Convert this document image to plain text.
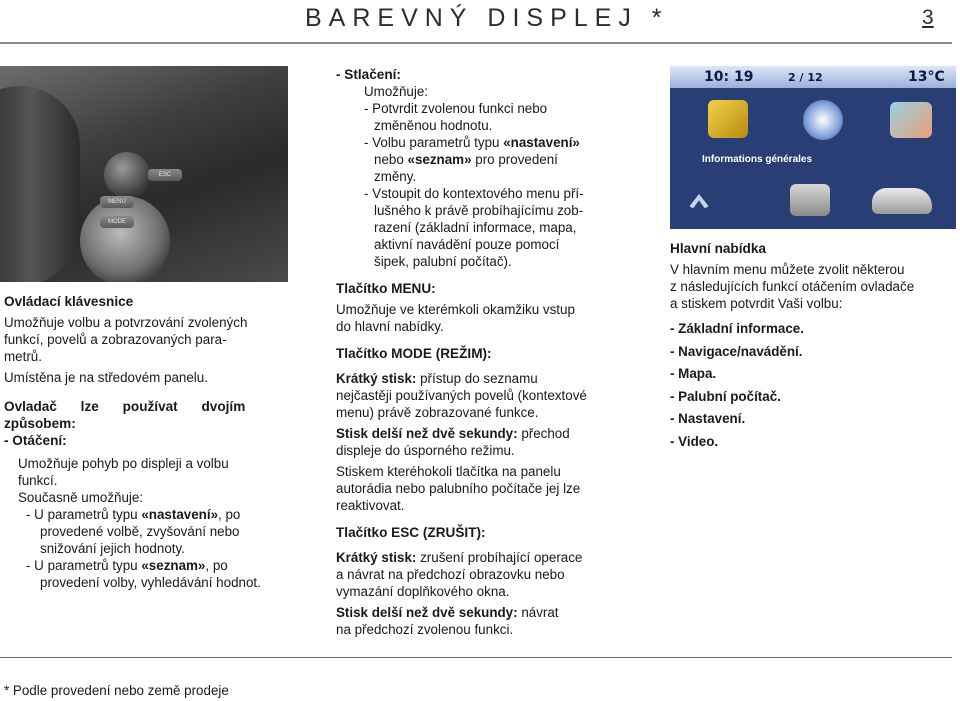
BAREVNÝ DISPLEJ *	3
ESC
MENU
MODE

Ovládací klávesnice

Umožňuje volbu a potvrzování zvolených

funkcí, povelů a zobrazovaných para-

metrů.

Umístěna je na středovém panelu.

Ovladač lze používat dvojím

způsobem:

- Otáčení:

Umožňuje pohyb po displeji a volbu

funkcí.

Současně umožňuje:

- U parametrů typu «nastavení», po

provedené volbě, zvyšování nebo

snižování jejich hodnoty.

- U parametrů typu «seznam», po

provedení volby, vyhledávání hodnot.

- Stlačení:

Umožňuje:

- Potvrdit zvolenou funkci nebo

změněnou hodnotu.

- Volbu parametrů typu «nastavení»

nebo «seznam» pro provedení

změny.

- Vstoupit do kontextového menu pří-

lušného k právě probíhajícímu zob-

razení (základní informace, mapa,

aktivní navádění pouze pomocí

šipek, palubní počítač).

Tlačítko MENU:

Umožňuje ve kterémkoli okamžiku vstup

do hlavní nabídky.

Tlačítko MODE (REŽIM):

Krátký stisk: přístup do seznamu

nejčastěji používaných povelů (kontextové

menu) právě zobrazované funkce.

Stisk delší než dvě sekundy: přechod

displeje do úsporného režimu.

Stiskem kteréhokoli tlačítka na panelu

autorádia nebo palubního počítače jej lze

reaktivovat.

Tlačítko ESC (ZRUŠIT):

Krátký stisk: zrušení probíhající operace

a návrat na předchozí obrazovku nebo

vymazání doplňkového okna.

Stisk delší než dvě sekundy: návrat

na předchozí zvolenou funkci.

10: 19	2 / 12	13°C
Informations générales

Hlavní nabídka

V hlavním menu můžete zvolit některou

z následujících funkcí otáčením ovladače

a stiskem potvrdit Vaši volbu:

- Základní informace.

- Navigace/navádění.

- Mapa.

- Palubní počítač.

- Nastavení.

- Video.

* Podle provedení nebo země prodeje
